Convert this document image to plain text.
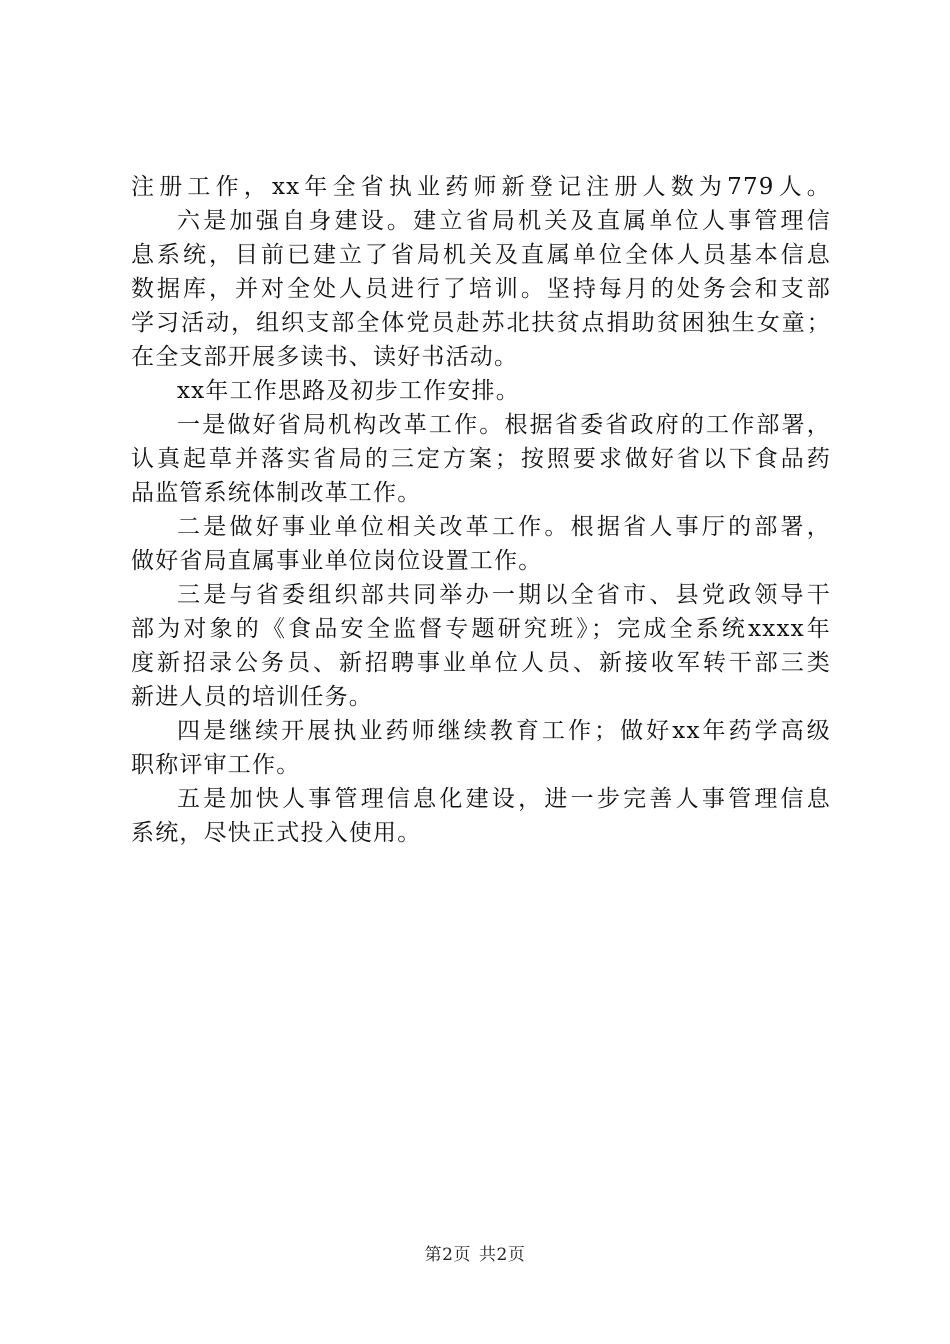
注册工作，xx年全省执业药师新登记注册人数为779人。
六是加强自身建设。建立省局机关及直属单位人事管理信
息系统，目前已建立了省局机关及直属单位全体人员基本信息
数据库，并对全处人员进行了培训。坚持每月的处务会和支部
学习活动，组织支部全体党员赴苏北扶贫点捐助贫困独生女童；
在全支部开展多读书、读好书活动。
xx年工作思路及初步工作安排。
一是做好省局机构改革工作。根据省委省政府的工作部署，
认真起草并落实省局的三定方案；按照要求做好省以下食品药
品监管系统体制改革工作。
二是做好事业单位相关改革工作。根据省人事厅的部署，
做好省局直属事业单位岗位设置工作。
三是与省委组织部共同举办一期以全省市、县党政领导干
部为对象的《食品安全监督专题研究班》；完成全系统xxxx年
度新招录公务员、新招聘事业单位人员、新接收军转干部三类
新进人员的培训任务。
四是继续开展执业药师继续教育工作；做好xx年药学高级
职称评审工作。
五是加快人事管理信息化建设，进一步完善人事管理信息
系统，尽快正式投入使用。
第2页 共2页
